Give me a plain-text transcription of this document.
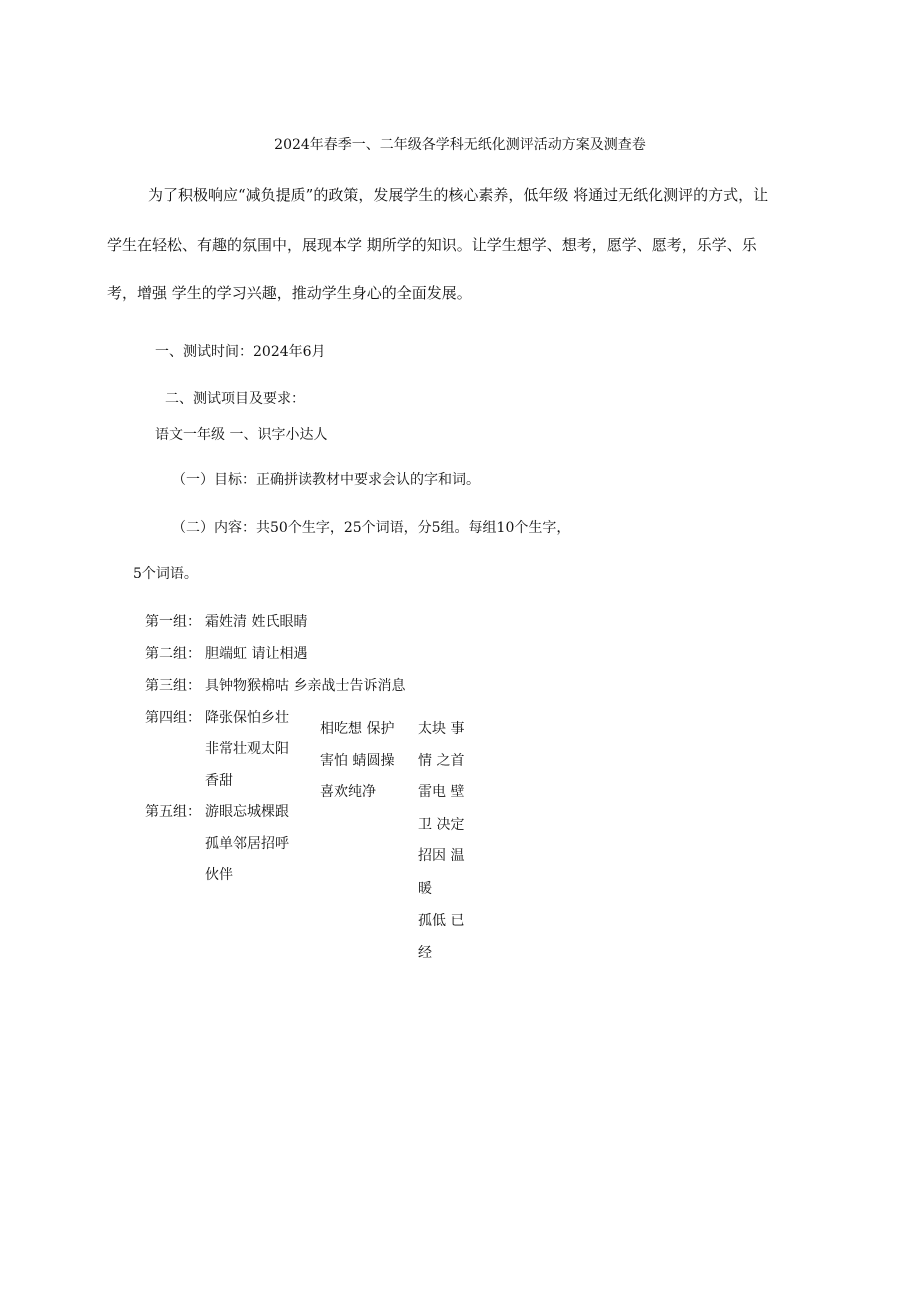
2024年春季一、二年级各学科无纸化测评活动方案及测查卷
为了积极响应“减负提质”的政策，发展学生的核心素养，低年级 将通过无纸化测评的方式，让
学生在轻松、有趣的氛围中，展现本学 期所学的知识。让学生想学、想考，愿学、愿考，乐学、乐
考，增强 学生的学习兴趣，推动学生身心的全面发展。
一、测试时间：2024年6月
二、测试项目及要求：
语文一年级 一、识字小达人
（一）目标：正确拼读教材中要求会认的字和词。
（二）内容：共50个生字，25个词语，分5组。每组10个生字，
5个词语。
第一组： 霜姓清 姓氏眼睛
第二组： 胆端虹 请让相遇
第三组： 具钟物猴棉咕 乡亲战士告诉消息
第四组： 降张保怕乡壮
非常壮观太阳
香甜
第五组： 游眼忘城棵跟
孤单邻居招呼
伙伴
相吃想 保护
害怕 蜻圆操
喜欢纯净
太块 事
情 之首
雷电 壁
卫 决定
招因 温
暖
孤低 已
经
